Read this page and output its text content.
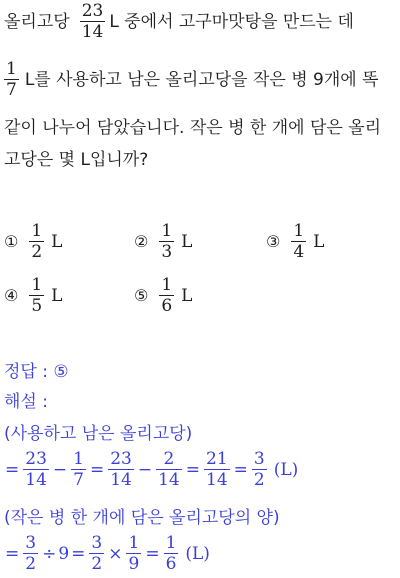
올리고당 $\frac{23}{14}$ L 중에서 고구마맛탕을 만드는 데
$\frac{1}{7}$ L를 사용하고 남은 올리고당을 작은 병 9개에 똑
같이 나누어 담았습니다. 작은 병 한 개에 담은 올리
고당은 몇 L입니까?
① $\frac{1}{2}$ L	② $\frac{1}{3}$ L	③ $\frac{1}{4}$ L
④ $\frac{1}{5}$ L	⑤ $\frac{1}{6}$ L
정답 : ⑤
해설 :
(사용하고 남은 올리고당)
= $\frac{23}{14} - \frac{1}{7} = \frac{23}{14} - \frac{2}{14} = \frac{21}{14} = \frac{3}{2} (L)$
(작은 병 한 개에 담은 올리고당의 양)
= $\frac{3}{2} \div 9 = \frac{3}{2} \times \frac{1}{9} = \frac{1}{6} (L)$
